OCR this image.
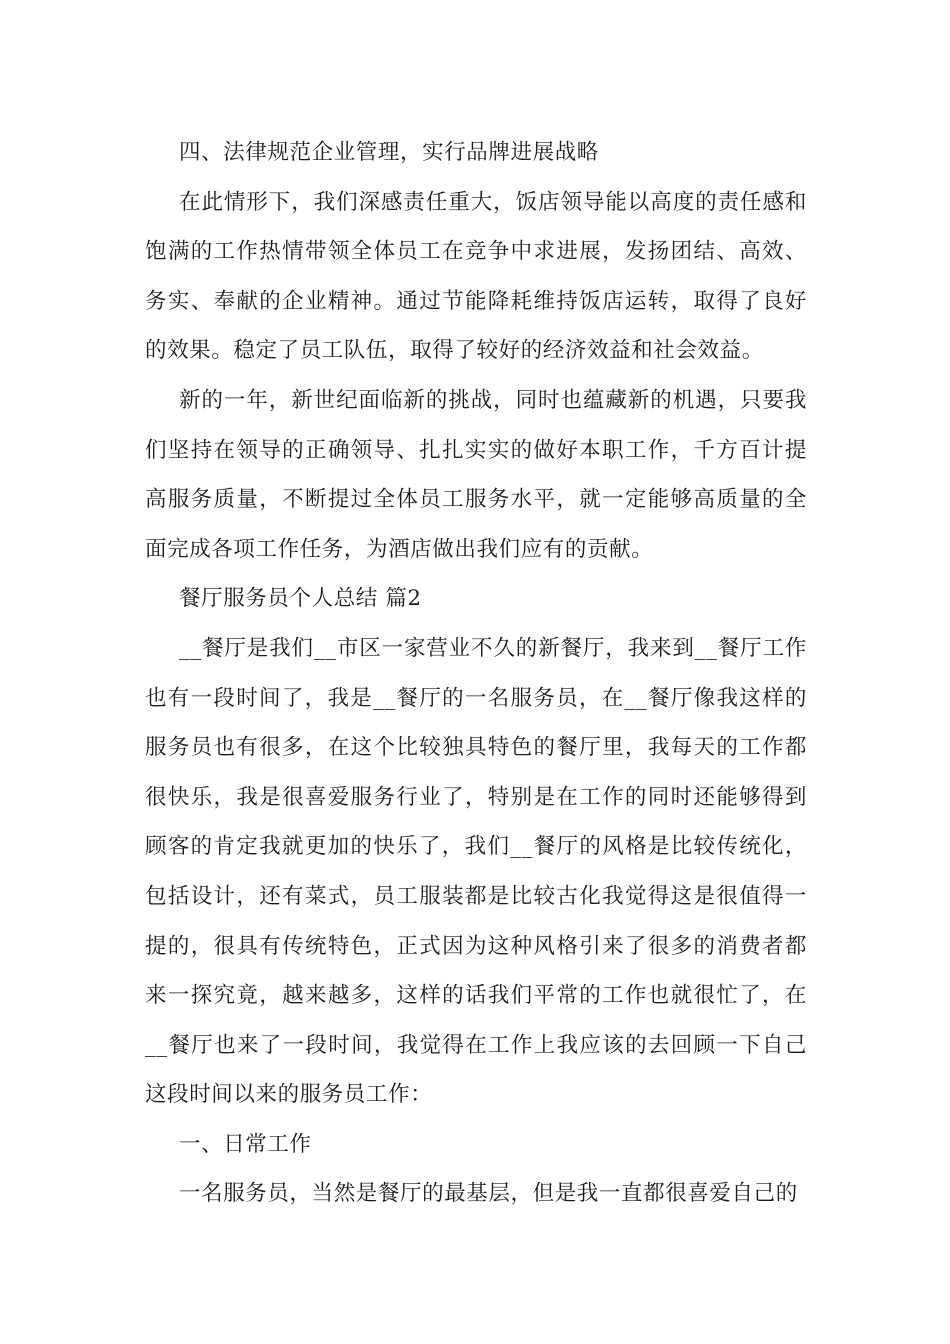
四、法律规范企业管理，实行品牌进展战略

在此情形下，我们深感责任重大，饭店领导能以高度的责任感和饱满的工作热情带领全体员工在竞争中求进展，发扬团结、高效、务实、奉献的企业精神。通过节能降耗维持饭店运转，取得了良好的效果。稳定了员工队伍，取得了较好的经济效益和社会效益。

新的一年，新世纪面临新的挑战，同时也蕴藏新的机遇，只要我们坚持在领导的正确领导、扎扎实实的做好本职工作，千方百计提高服务质量，不断提过全体员工服务水平，就一定能够高质量的全面完成各项工作任务，为酒店做出我们应有的贡献。

餐厅服务员个人总结 篇2

__餐厅是我们__市区一家营业不久的新餐厅，我来到__餐厅工作也有一段时间了，我是__餐厅的一名服务员，在__餐厅像我这样的服务员也有很多，在这个比较独具特色的餐厅里，我每天的工作都很快乐，我是很喜爱服务行业了，特别是在工作的同时还能够得到顾客的肯定我就更加的快乐了，我们__餐厅的风格是比较传统化，包括设计，还有菜式，员工服装都是比较古化我觉得这是很值得一提的，很具有传统特色，正式因为这种风格引来了很多的消费者都来一探究竟，越来越多，这样的话我们平常的工作也就很忙了，在__餐厅也来了一段时间，我觉得在工作上我应该的去回顾一下自己这段时间以来的服务员工作：

一、日常工作

一名服务员，当然是餐厅的最基层，但是我一直都很喜爱自己的
